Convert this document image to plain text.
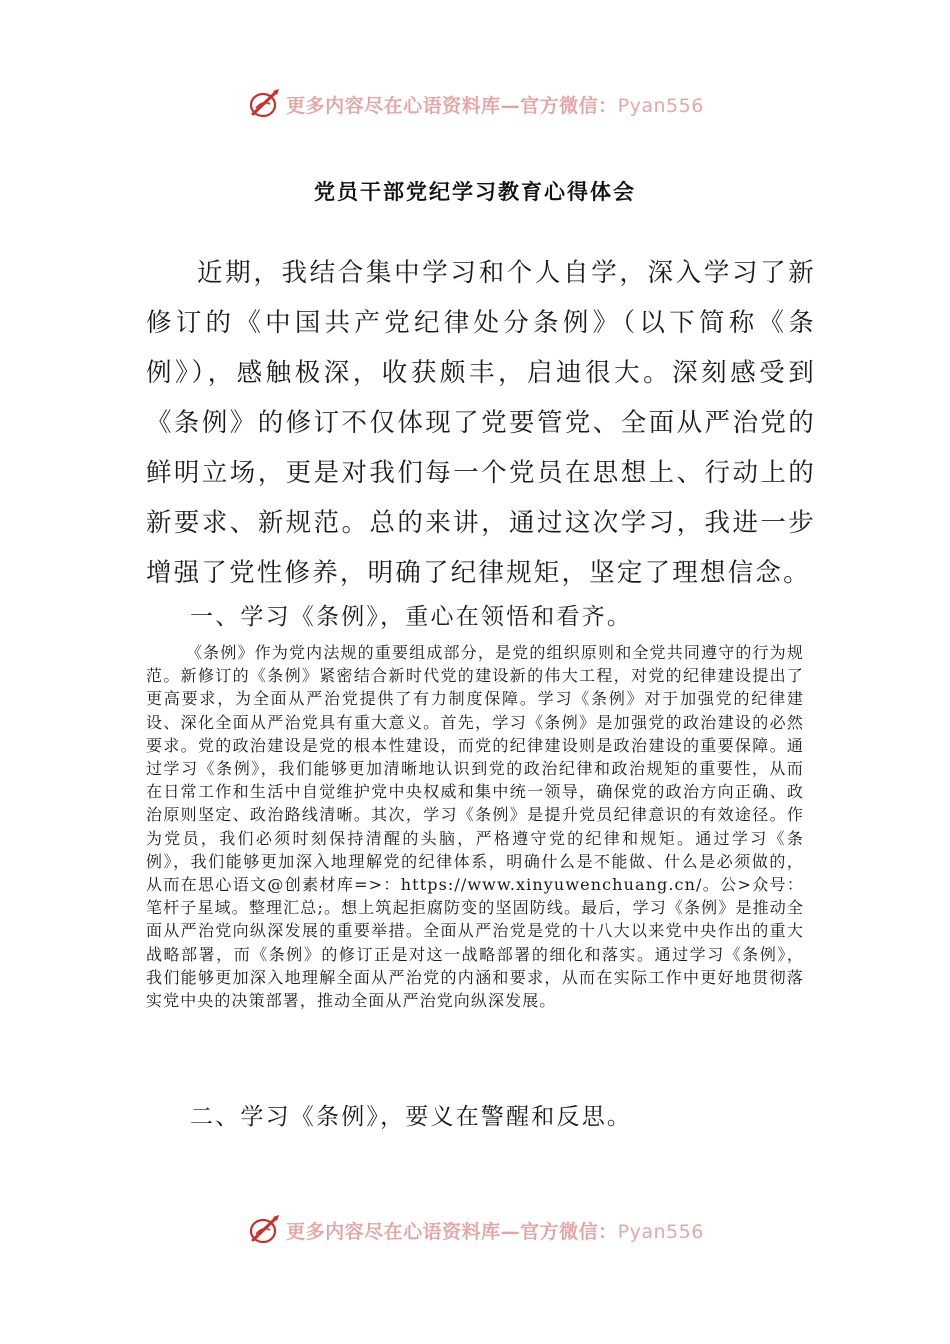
更多内容尽在心语资料库—官方微信：Pyan556
党员干部党纪学习教育心得体会

近期，我结合集中学习和个人自学，深入学习了新修订的《中国共产党纪律处分条例》（以下简称《条例》），感触极深，收获颇丰，启迪很大。深刻感受到《条例》的修订不仅体现了党要管党、全面从严治党的鲜明立场，更是对我们每一个党员在思想上、行动上的新要求、新规范。总的来讲，通过这次学习，我进一步增强了党性修养，明确了纪律规矩，坚定了理想信念。

一、学习《条例》，重心在领悟和看齐。

《条例》作为党内法规的重要组成部分，是党的组织原则和全党共同遵守的行为规范。新修订的《条例》紧密结合新时代党的建设新的伟大工程，对党的纪律建设提出了更高要求，为全面从严治党提供了有力制度保障。学习《条例》对于加强党的纪律建设、深化全面从严治党具有重大意义。首先，学习《条例》是加强党的政治建设的必然要求。党的政治建设是党的根本性建设，而党的纪律建设则是政治建设的重要保障。通过学习《条例》，我们能够更加清晰地认识到党的政治纪律和政治规矩的重要性，从而在日常工作和生活中自觉维护党中央权威和集中统一领导，确保党的政治方向正确、政治原则坚定、政治路线清晰。其次，学习《条例》是提升党员纪律意识的有效途径。作为党员，我们必须时刻保持清醒的头脑，严格遵守党的纪律和规矩。通过学习《条例》，我们能够更加深入地理解党的纪律体系，明确什么是不能做、什么是必须做的，从而在思心语文@创素材库=>：https://www.xinyuwenchuang.cn/。公>众号：笔杆子星域。整理汇总;。想上筑起拒腐防变的坚固防线。最后，学习《条例》是推动全面从严治党向纵深发展的重要举措。全面从严治党是党的十八大以来党中央作出的重大战略部署，而《条例》的修订正是对这一战略部署的细化和落实。通过学习《条例》，我们能够更加深入地理解全面从严治党的内涵和要求，从而在实际工作中更好地贯彻落实党中央的决策部署，推动全面从严治党向纵深发展。

二、学习《条例》，要义在警醒和反思。

更多内容尽在心语资料库—官方微信：Pyan556
